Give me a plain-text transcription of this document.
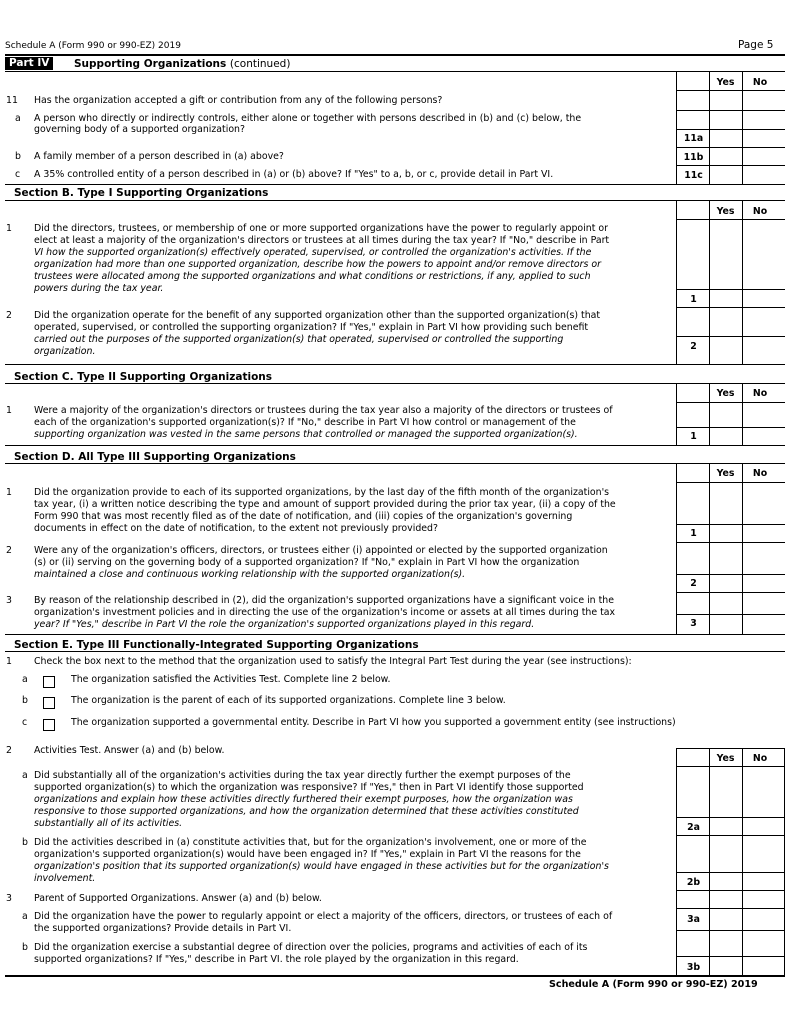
Schedule A (Form 990 or 990-EZ) 2019	Page 5
Part IV	Supporting Organizations (continued)
Yes	No
11 Has the organization accepted a gift or contribution from any of the following persons?
a A person who directly or indirectly controls, either alone or together with persons described in (b) and (c) below, the
governing body of a supported organization?
11a
b A family member of a person described in (a) above?	11b
c A 35% controlled entity of a person described in (a) or (b) above? If "Yes" to a, b, or c, provide detail in Part VI.	11c
Section B. Type I Supporting Organizations
Yes	No
1 Did the directors, trustees, or membership of one or more supported organizations have the power to regularly appoint or
elect at least a majority of the organization's directors or trustees at all times during the tax year? If "No," describe in Part
VI how the supported organization(s) effectively operated, supervised, or controlled the organization's activities. If the
organization had more than one supported organization, describe how the powers to appoint and/or remove directors or
trustees were allocated among the supported organizations and what conditions or restrictions, if any, applied to such
powers during the tax year.
1
2 Did the organization operate for the benefit of any supported organization other than the supported organization(s) that
operated, supervised, or controlled the supporting organization? If "Yes," explain in Part VI how providing such benefit
carried out the purposes of the supported organization(s) that operated, supervised or controlled the supporting
organization.	2
Section C. Type II Supporting Organizations
Yes	No
1 Were a majority of the organization's directors or trustees during the tax year also a majority of the directors or trustees of
each of the organization's supported organization(s)? If "No," describe in Part VI how control or management of the
supporting organization was vested in the same persons that controlled or managed the supported organization(s).	1
Section D. All Type III Supporting Organizations
Yes	No
1 Did the organization provide to each of its supported organizations, by the last day of the fifth month of the organization's
tax year, (i) a written notice describing the type and amount of support provided during the prior tax year, (ii) a copy of the
Form 990 that was most recently filed as of the date of notification, and (iii) copies of the organization's governing
documents in effect on the date of notification, to the extent not previously provided?	1
2 Were any of the organization's officers, directors, or trustees either (i) appointed or elected by the supported organization
(s) or (ii) serving on the governing body of a supported organization? If "No," explain in Part VI how the organization
maintained a close and continuous working relationship with the supported organization(s).
2
3 By reason of the relationship described in (2), did the organization's supported organizations have a significant voice in the
organization's investment policies and in directing the use of the organization's income or assets at all times during the tax
year? If "Yes," describe in Part VI the role the organization's supported organizations played in this regard.	3
Section E. Type III Functionally-Integrated Supporting Organizations
1 Check the box next to the method that the organization used to satisfy the Integral Part Test during the year (see instructions):
a	The organization satisfied the Activities Test. Complete line 2 below.
b	The organization is the parent of each of its supported organizations. Complete line 3 below.
c	The organization supported a governmental entity. Describe in Part VI how you supported a government entity (see instructions)
2 Activities Test. Answer (a) and (b) below.
Yes	No
a Did substantially all of the organization's activities during the tax year directly further the exempt purposes of the
supported organization(s) to which the organization was responsive? If "Yes," then in Part VI identify those supported
organizations and explain how these activities directly furthered their exempt purposes, how the organization was
responsive to those supported organizations, and how the organization determined that these activities constituted
substantially all of its activities.	2a
b Did the activities described in (a) constitute activities that, but for the organization's involvement, one or more of the
organization's supported organization(s) would have been engaged in? If "Yes," explain in Part VI the reasons for the
organization's position that its supported organization(s) would have engaged in these activities but for the organization's
involvement.	2b
3 Parent of Supported Organizations. Answer (a) and (b) below.
a Did the organization have the power to regularly appoint or elect a majority of the officers, directors, or trustees of each of
the supported organizations? Provide details in Part VI.
3a
b Did the organization exercise a substantial degree of direction over the policies, programs and activities of each of its
supported organizations? If "Yes," describe in Part VI. the role played by the organization in this regard.
3b
Schedule A (Form 990 or 990-EZ) 2019
